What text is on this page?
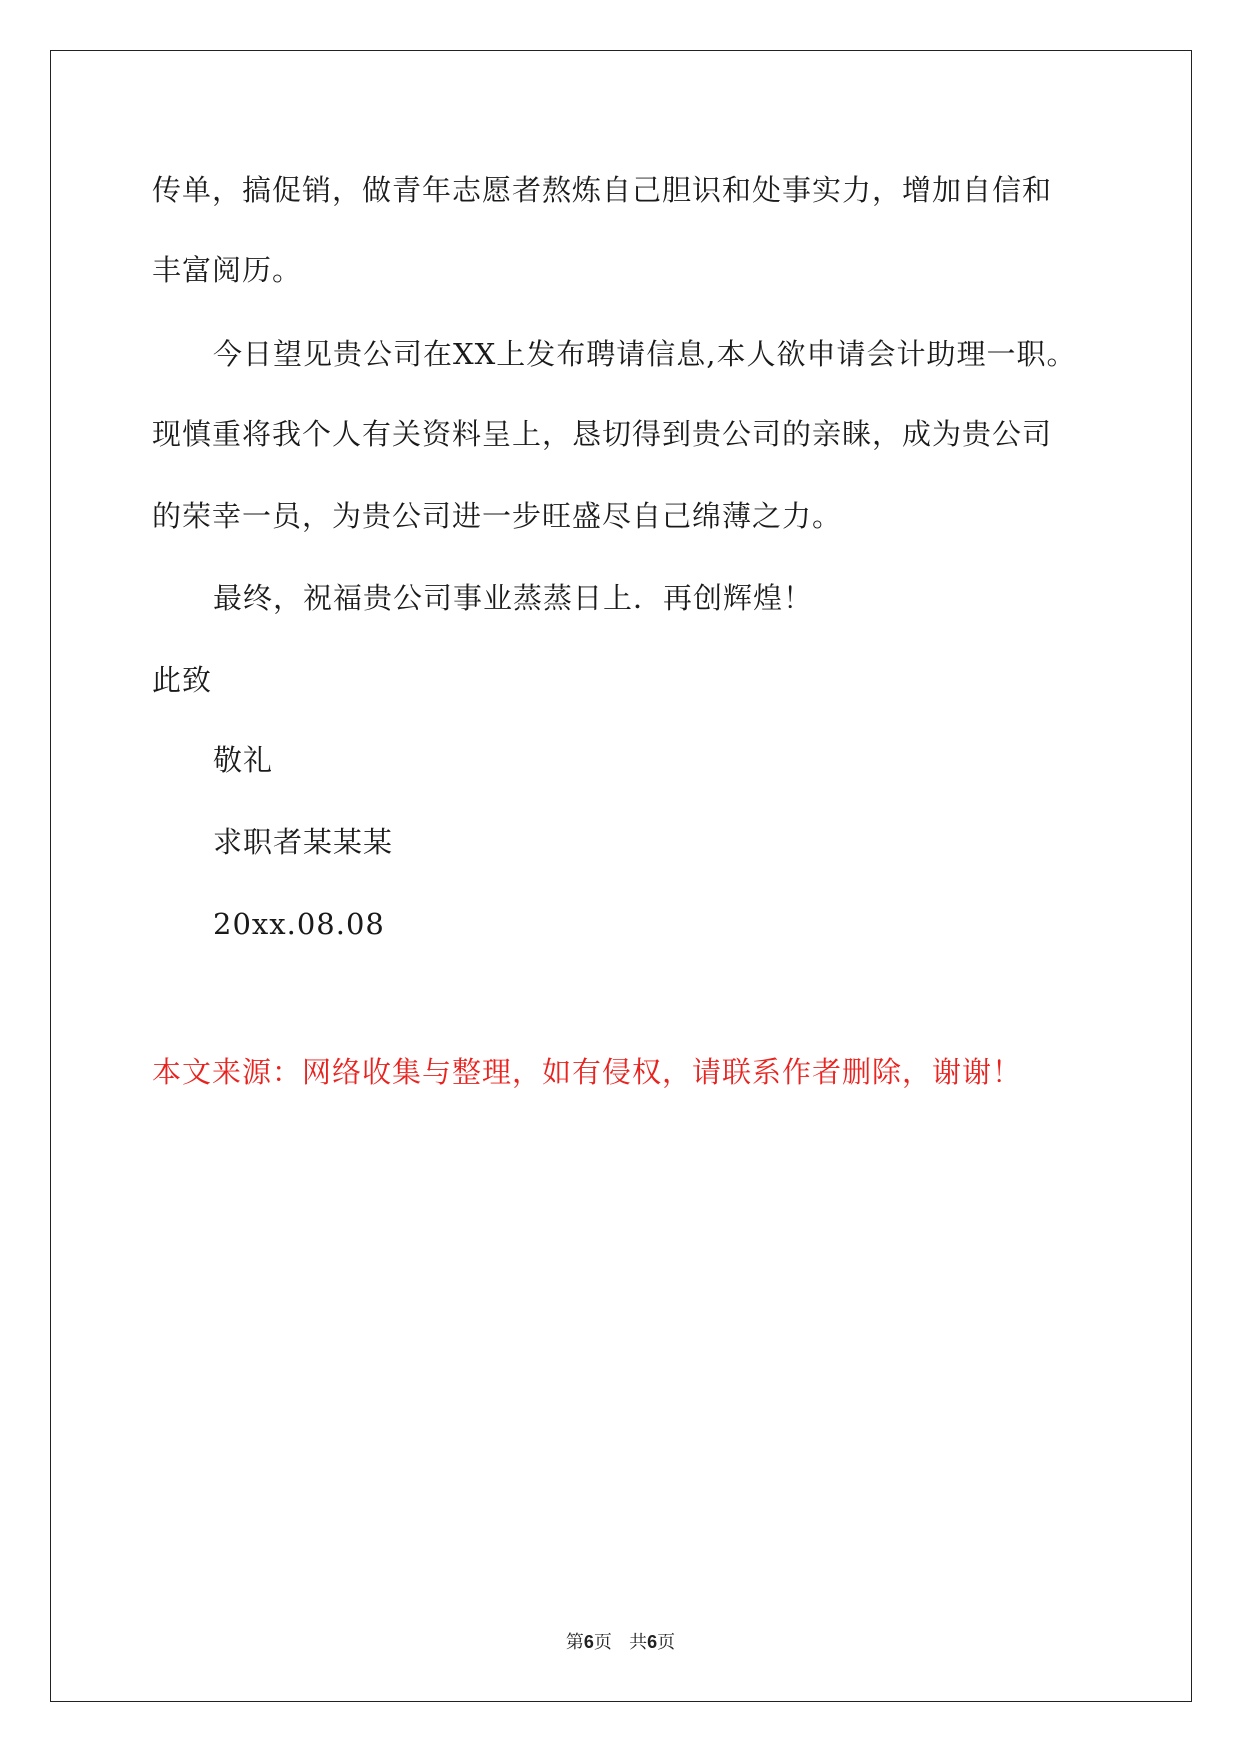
传单，搞促销，做青年志愿者熬炼自己胆识和处事实力，增加自信和
丰富阅历。
今日望见贵公司在XX上发布聘请信息,本人欲申请会计助理一职。
现慎重将我个人有关资料呈上，恳切得到贵公司的亲睐，成为贵公司
的荣幸一员，为贵公司进一步旺盛尽自己绵薄之力。
最终，祝福贵公司事业蒸蒸日上．再创辉煌！
此致
敬礼
求职者某某某
20xx.08.08
本文来源：网络收集与整理，如有侵权，请联系作者删除，谢谢！
第6页   共6页
